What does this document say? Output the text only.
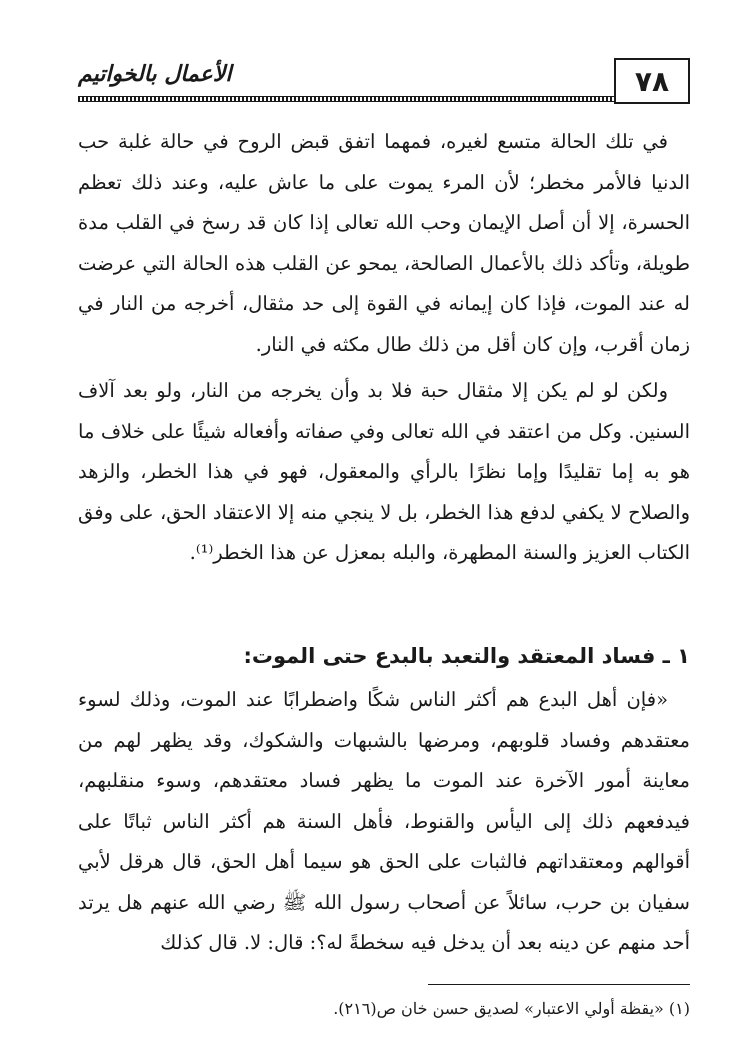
الأعمال بالخواتيم	٧٨

في تلك الحالة متسع لغيره، فمهما اتفق قبض الروح في حالة غلبة حب الدنيا فالأمر مخطر؛ لأن المرء يموت على ما عاش عليه، وعند ذلك تعظم الحسرة، إلا أن أصل الإيمان وحب الله تعالى إذا كان قد رسخ في القلب مدة طويلة، وتأكد ذلك بالأعمال الصالحة، يمحو عن القلب هذه الحالة التي عرضت له عند الموت، فإذا كان إيمانه في القوة إلى حد مثقال، أخرجه من النار في زمان أقرب، وإن كان أقل من ذلك طال مكثه في النار.

ولكن لو لم يكن إلا مثقال حبة فلا بد وأن يخرجه من النار، ولو بعد آلاف السنين. وكل من اعتقد في الله تعالى وفي صفاته وأفعاله شيئًا على خلاف ما هو به إما تقليدًا وإما نظرًا بالرأي والمعقول، فهو في هذا الخطر، والزهد والصلاح لا يكفي لدفع هذا الخطر، بل لا ينجي منه إلا الاعتقاد الحق، على وفق الكتاب العزيز والسنة المطهرة، والبله بمعزل عن هذا الخطر⁽¹⁾.

١ ـ فساد المعتقد والتعبد بالبدع حتى الموت:

«فإن أهل البدع هم أكثر الناس شكًا واضطرابًا عند الموت، وذلك لسوء معتقدهم وفساد قلوبهم، ومرضها بالشبهات والشكوك، وقد يظهر لهم من معاينة أمور الآخرة عند الموت ما يظهر فساد معتقدهم، وسوء منقلبهم، فيدفعهم ذلك إلى اليأس والقنوط، فأهل السنة هم أكثر الناس ثباتًا على أقوالهم ومعتقداتهم فالثبات على الحق هو سيما أهل الحق، قال هرقل لأبي سفيان بن حرب، سائلاً عن أصحاب رسول الله ﷺ رضي الله عنهم هل يرتد أحد منهم عن دينه بعد أن يدخل فيه سخطةً له؟: قال: لا. قال كذلك

(١) «يقظة أولي الاعتبار» لصديق حسن خان ص(٢١٦).
